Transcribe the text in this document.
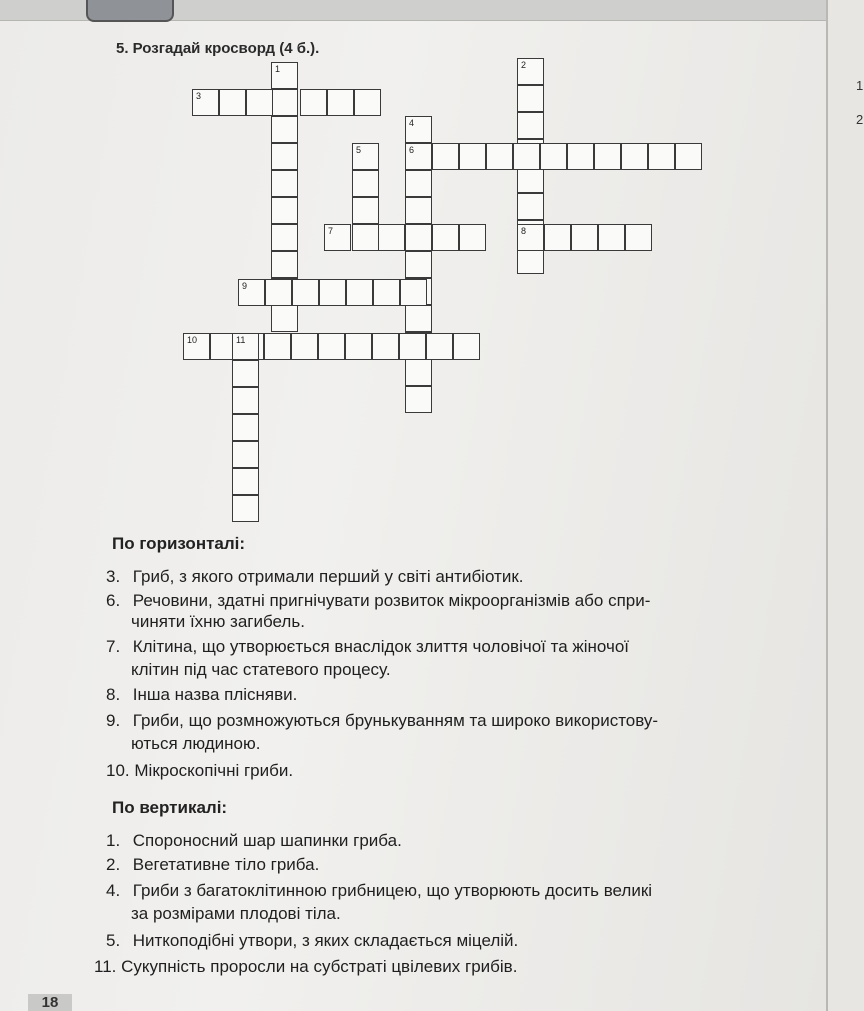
5. Розгадай кросворд (4 б.).
1	2
3
4
6
5
7	8
9
10	11
По горизонталі:
3. Гриб, з якого отримали перший у світі антибіотик.
6. Речовини, здатні пригнічувати розвиток мікроорганізмів або спри-
чиняти їхню загибель.
7. Клітина, що утворюється внаслідок злиття чоловічої та жіночої
клітин під час статевого процесу.
8. Інша назва плісняви.
9. Гриби, що розмножуються брунькуванням та широко використову-
ються людиною.
10. Мікроскопічні гриби.
По вертикалі:
1. Спороносний шар шапинки гриба.
2. Вегетативне тіло гриба.
4. Гриби з багатоклітинною грибницею, що утворюють досить великі
за розмірами плодові тіла.
5. Ниткоподібні утвори, з яких складається міцелій.
11. Сукупність проросли на субстраті цвілевих грибів.
18
1
2
